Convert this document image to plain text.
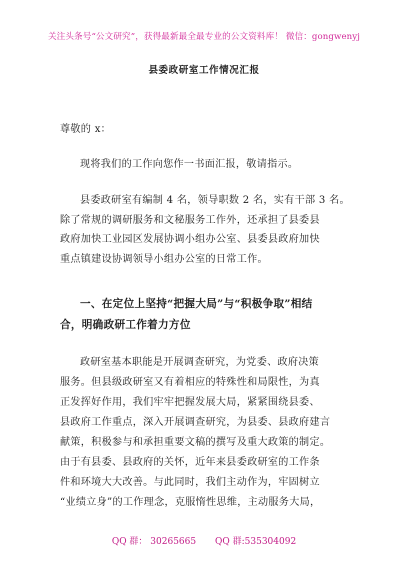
关注头条号“公文研究”，获得最新最全最专业的公文资料库！ 微信：gongwenyj
县委政研室工作情况汇报
尊敬的 x：
现将我们的工作向您作一书面汇报，敬请指示。
县委政研室有编制 4 名，领导职数 2 名，实有干部 3 名。
除了常规的调研服务和文秘服务工作外，还承担了县委县
政府加快工业园区发展协调小组办公室、县委县政府加快
重点镇建设协调领导小组办公室的日常工作。
一、在定位上坚持“把握大局”与“积极争取”相结
合，明确政研工作着力方位
政研室基本职能是开展调查研究，为党委、政府决策
服务。但县级政研室又有着相应的特殊性和局限性，为真
正发挥好作用，我们牢牢把握发展大局，紧紧围绕县委、
县政府工作重点，深入开展调查研究，为县委、县政府建言
献策，积极参与和承担重要文稿的撰写及重大政策的制定。
由于有县委、县政府的关怀，近年来县委政研室的工作条
件和环境大大改善。与此同时，我们主动作为，牢固树立
“业绩立身”的工作理念，克服惰性思维，主动服务大局，
QQ 群： 30265665 QQ 群:535304092
